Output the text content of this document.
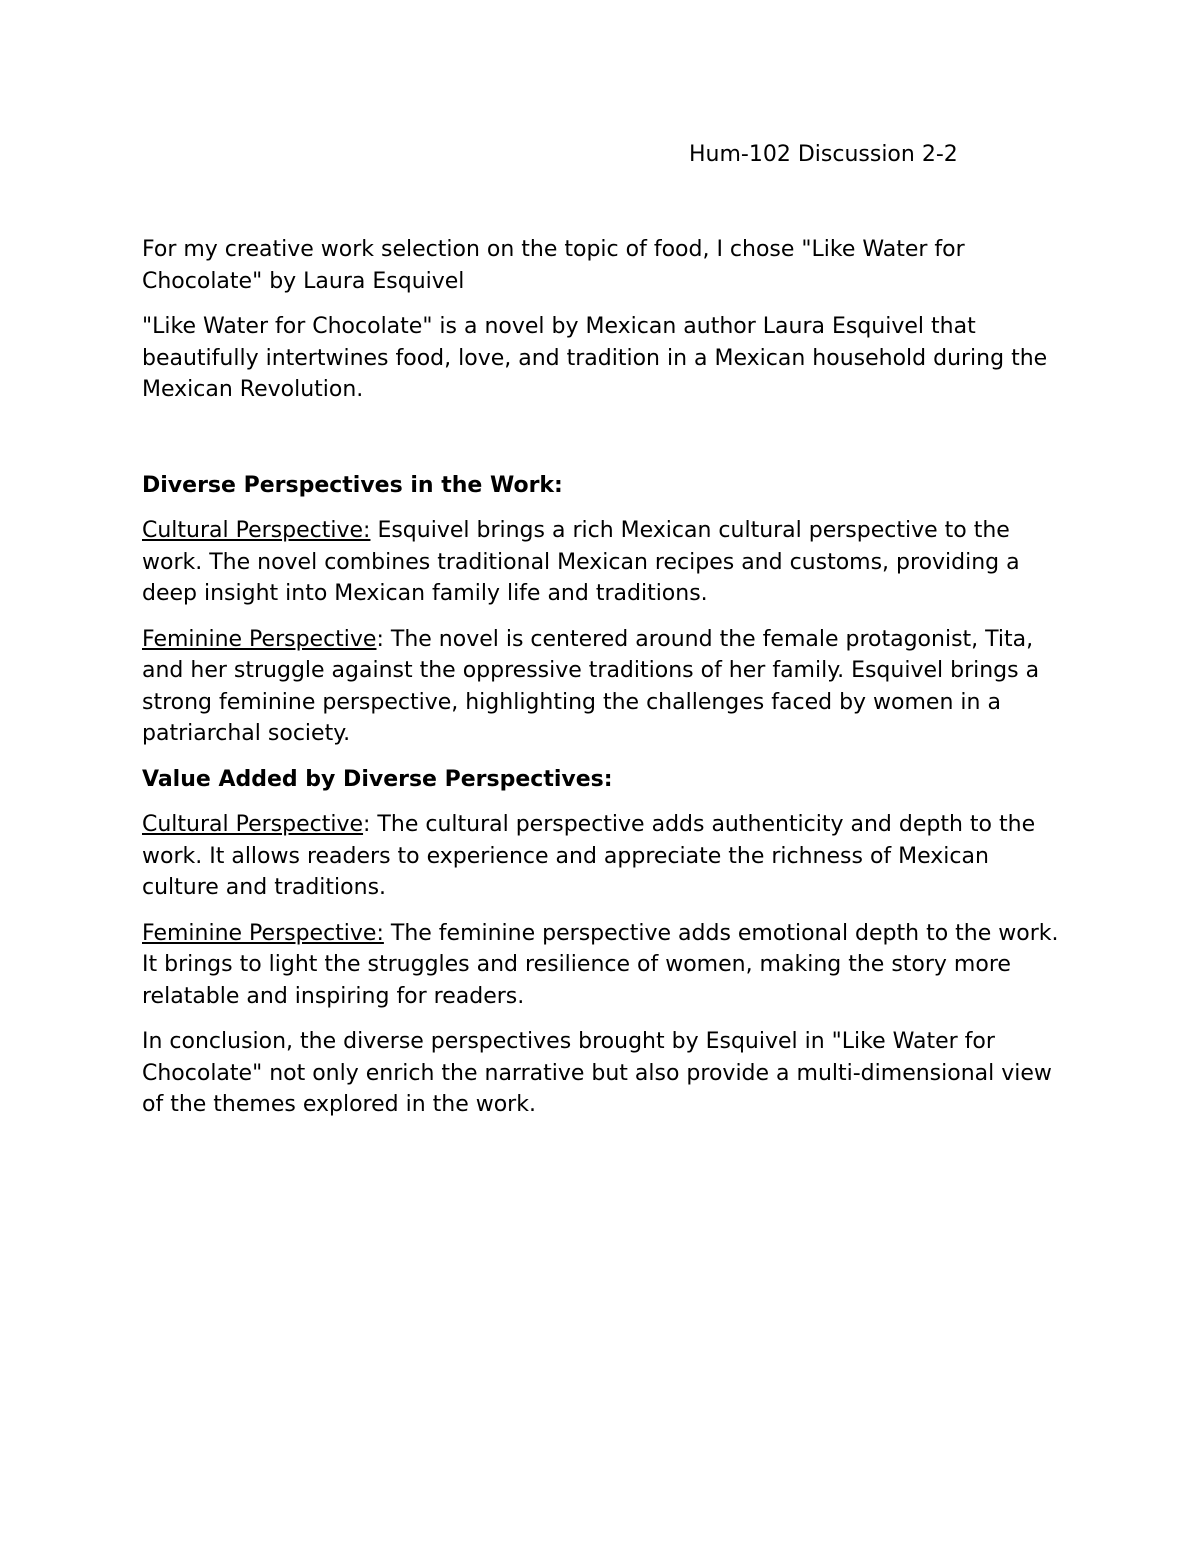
Hum-102 Discussion 2-2

For my creative work selection on the topic of food, I chose "Like Water for Chocolate" by Laura Esquivel

"Like Water for Chocolate" is a novel by Mexican author Laura Esquivel that beautifully intertwines food, love, and tradition in a Mexican household during the Mexican Revolution.

Diverse Perspectives in the Work:

Cultural Perspective: Esquivel brings a rich Mexican cultural perspective to the work. The novel combines traditional Mexican recipes and customs, providing a deep insight into Mexican family life and traditions.

Feminine Perspective: The novel is centered around the female protagonist, Tita, and her struggle against the oppressive traditions of her family. Esquivel brings a strong feminine perspective, highlighting the challenges faced by women in a patriarchal society.

Value Added by Diverse Perspectives:

Cultural Perspective: The cultural perspective adds authenticity and depth to the work. It allows readers to experience and appreciate the richness of Mexican culture and traditions.

Feminine Perspective: The feminine perspective adds emotional depth to the work. It brings to light the struggles and resilience of women, making the story more relatable and inspiring for readers.

In conclusion, the diverse perspectives brought by Esquivel in "Like Water for Chocolate" not only enrich the narrative but also provide a multi-dimensional view of the themes explored in the work.
